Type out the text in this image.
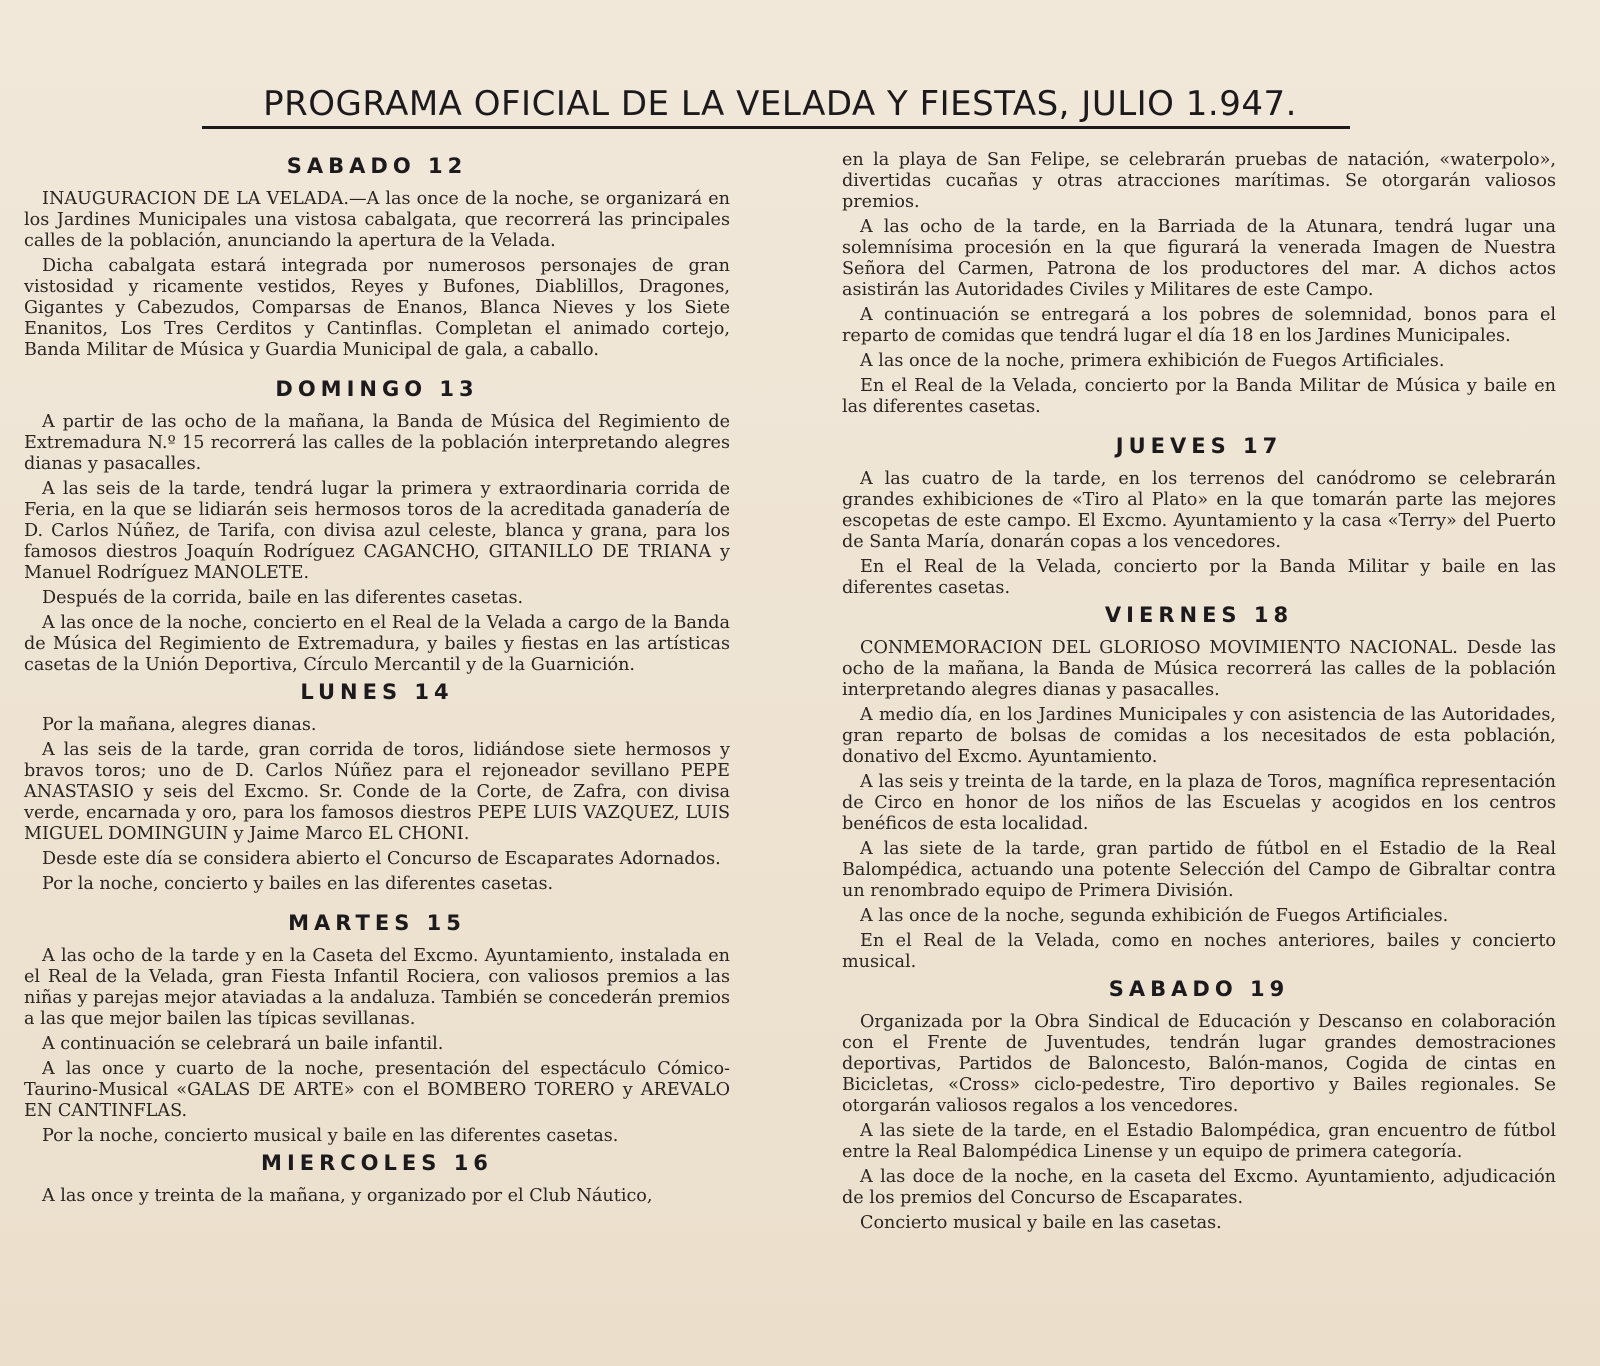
PROGRAMA OFICIAL DE LA VELADA Y FIESTAS, JULIO 1.947.
SABADO 12

INAUGURACION DE LA VELADA.—A las once de la noche, se organizará en los Jardines Municipales una vistosa cabalgata, que recorrerá las principales calles de la población, anunciando la apertura de la Velada.

Dicha cabalgata estará integrada por numerosos personajes de gran vistosidad y ricamente vestidos, Reyes y Bufones, Diablillos, Dragones, Gigantes y Cabezudos, Comparsas de Enanos, Blanca Nieves y los Siete Enanitos, Los Tres Cerditos y Cantinflas. Completan el animado cortejo, Banda Militar de Música y Guardia Municipal de gala, a caballo.

DOMINGO 13

A partir de las ocho de la mañana, la Banda de Música del Regimiento de Extremadura N.º 15 recorrerá las calles de la población interpretando alegres dianas y pasacalles.

A las seis de la tarde, tendrá lugar la primera y extraordinaria corrida de Feria, en la que se lidiarán seis hermosos toros de la acreditada ganadería de D. Carlos Núñez, de Tarifa, con divisa azul celeste, blanca y grana, para los famosos diestros Joaquín Rodríguez CAGANCHO, GITANILLO DE TRIANA y Manuel Rodríguez MANOLETE.

Después de la corrida, baile en las diferentes casetas.

A las once de la noche, concierto en el Real de la Velada a cargo de la Banda de Música del Regimiento de Extremadura, y bailes y fiestas en las artísticas casetas de la Unión Deportiva, Círculo Mercantil y de la Guarnición.

LUNES 14

Por la mañana, alegres dianas.

A las seis de la tarde, gran corrida de toros, lidiándose siete hermosos y bravos toros; uno de D. Carlos Núñez para el rejoneador sevillano PEPE ANASTASIO y seis del Excmo. Sr. Conde de la Corte, de Zafra, con divisa verde, encarnada y oro, para los famosos diestros PEPE LUIS VAZQUEZ, LUIS MIGUEL DOMINGUIN y Jaime Marco EL CHONI.

Desde este día se considera abierto el Concurso de Escaparates Adornados.

Por la noche, concierto y bailes en las diferentes casetas.

MARTES 15

A las ocho de la tarde y en la Caseta del Excmo. Ayuntamiento, instalada en el Real de la Velada, gran Fiesta Infantil Rociera, con valiosos premios a las niñas y parejas mejor ataviadas a la andaluza. También se concederán premios a las que mejor bailen las típicas sevillanas.

A continuación se celebrará un baile infantil.

A las once y cuarto de la noche, presentación del espectáculo Cómico-Taurino-Musical «GALAS DE ARTE» con el BOMBERO TORERO y AREVALO EN CANTINFLAS.

Por la noche, concierto musical y baile en las diferentes casetas.

MIERCOLES 16

A las once y treinta de la mañana, y organizado por el Club Náutico,

en la playa de San Felipe, se celebrarán pruebas de natación, «waterpolo», divertidas cucañas y otras atracciones marítimas. Se otorgarán valiosos premios.

A las ocho de la tarde, en la Barriada de la Atunara, tendrá lugar una solemnísima procesión en la que figurará la venerada Imagen de Nuestra Señora del Carmen, Patrona de los productores del mar. A dichos actos asistirán las Autoridades Civiles y Militares de este Campo.

A continuación se entregará a los pobres de solemnidad, bonos para el reparto de comidas que tendrá lugar el día 18 en los Jardines Municipales.

A las once de la noche, primera exhibición de Fuegos Artificiales.

En el Real de la Velada, concierto por la Banda Militar de Música y baile en las diferentes casetas.

JUEVES 17

A las cuatro de la tarde, en los terrenos del canódromo se celebrarán grandes exhibiciones de «Tiro al Plato» en la que tomarán parte las mejores escopetas de este campo. El Excmo. Ayuntamiento y la casa «Terry» del Puerto de Santa María, donarán copas a los vencedores.

En el Real de la Velada, concierto por la Banda Militar y baile en las diferentes casetas.

VIERNES 18

CONMEMORACION DEL GLORIOSO MOVIMIENTO NACIONAL. Desde las ocho de la mañana, la Banda de Música recorrerá las calles de la población interpretando alegres dianas y pasacalles.

A medio día, en los Jardines Municipales y con asistencia de las Autoridades, gran reparto de bolsas de comidas a los necesitados de esta población, donativo del Excmo. Ayuntamiento.

A las seis y treinta de la tarde, en la plaza de Toros, magnífica representación de Circo en honor de los niños de las Escuelas y acogidos en los centros benéficos de esta localidad.

A las siete de la tarde, gran partido de fútbol en el Estadio de la Real Balompédica, actuando una potente Selección del Campo de Gibraltar contra un renombrado equipo de Primera División.

A las once de la noche, segunda exhibición de Fuegos Artificiales.

En el Real de la Velada, como en noches anteriores, bailes y concierto musical.

SABADO 19

Organizada por la Obra Sindical de Educación y Descanso en colaboración con el Frente de Juventudes, tendrán lugar grandes demostraciones deportivas, Partidos de Baloncesto, Balón-manos, Cogida de cintas en Bicicletas, «Cross» ciclo-pedestre, Tiro deportivo y Bailes regionales. Se otorgarán valiosos regalos a los vencedores.

A las siete de la tarde, en el Estadio Balompédica, gran encuentro de fútbol entre la Real Balompédica Linense y un equipo de primera categoría.

A las doce de la noche, en la caseta del Excmo. Ayuntamiento, adjudicación de los premios del Concurso de Escaparates.

Concierto musical y baile en las casetas.
